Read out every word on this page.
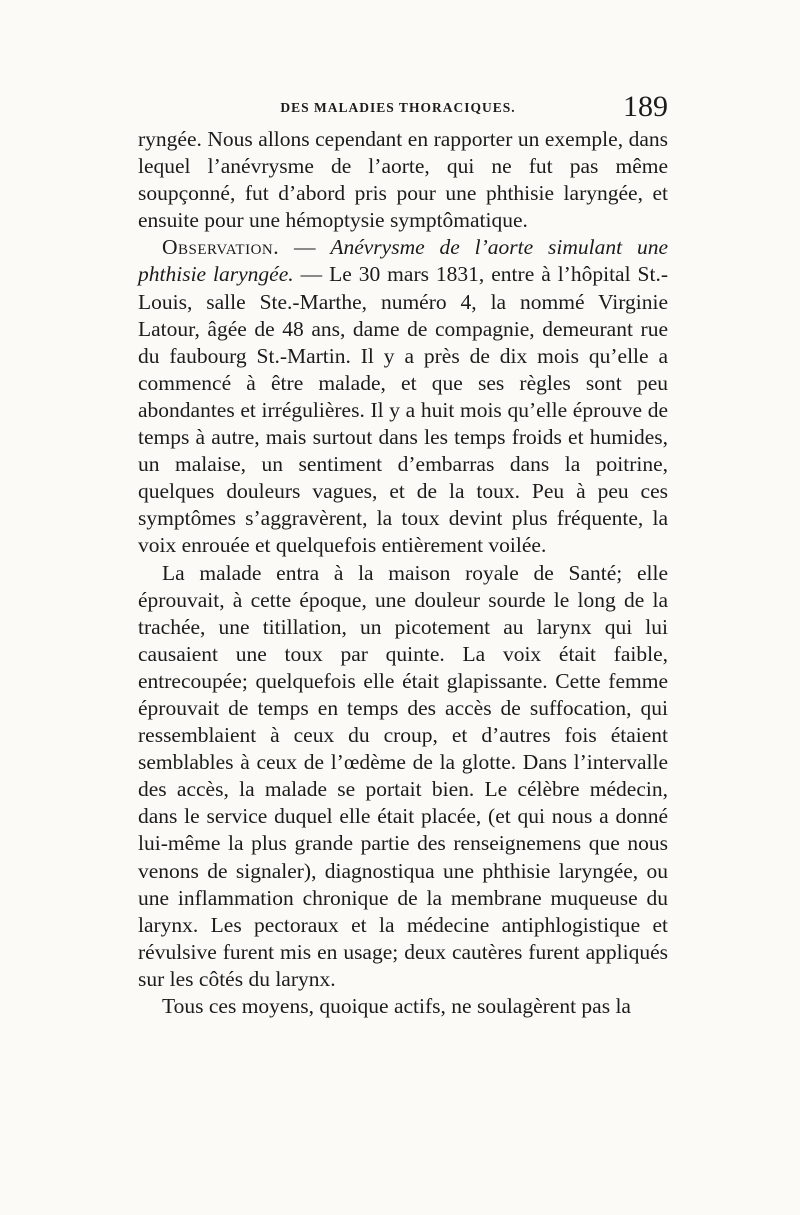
DES MALADIES THORACIQUES.	189

ryngée. Nous allons cependant en rapporter un exemple, dans lequel l’anévrysme de l’aorte, qui ne fut pas même soupçonné, fut d’abord pris pour une phthisie laryngée, et ensuite pour une hémoptysie symptômatique.

Observation. — Anévrysme de l’aorte simulant une phthisie laryngée. — Le 30 mars 1831, entre à l’hôpital St.-Louis, salle Ste.-Marthe, numéro 4, la nommé Virginie Latour, âgée de 48 ans, dame de compagnie, demeurant rue du faubourg St.-Martin. Il y a près de dix mois qu’elle a commencé à être malade, et que ses règles sont peu abondantes et irrégulières. Il y a huit mois qu’elle éprouve de temps à autre, mais surtout dans les temps froids et humides, un malaise, un sentiment d’embarras dans la poitrine, quelques douleurs vagues, et de la toux. Peu à peu ces symptômes s’aggravèrent, la toux devint plus fréquente, la voix enrouée et quelquefois entièrement voilée.

La malade entra à la maison royale de Santé; elle éprouvait, à cette époque, une douleur sourde le long de la trachée, une titillation, un picotement au larynx qui lui causaient une toux par quinte. La voix était faible, entrecoupée; quelquefois elle était glapissante. Cette femme éprouvait de temps en temps des accès de suffocation, qui ressemblaient à ceux du croup, et d’autres fois étaient semblables à ceux de l’œdème de la glotte. Dans l’intervalle des accès, la malade se portait bien. Le célèbre médecin, dans le service duquel elle était placée, (et qui nous a donné lui-même la plus grande partie des renseignemens que nous venons de signaler), diagnostiqua une phthisie laryngée, ou une inflammation chronique de la membrane muqueuse du larynx. Les pectoraux et la médecine antiphlogistique et révulsive furent mis en usage; deux cautères furent appliqués sur les côtés du larynx.

Tous ces moyens, quoique actifs, ne soulagèrent pas la
